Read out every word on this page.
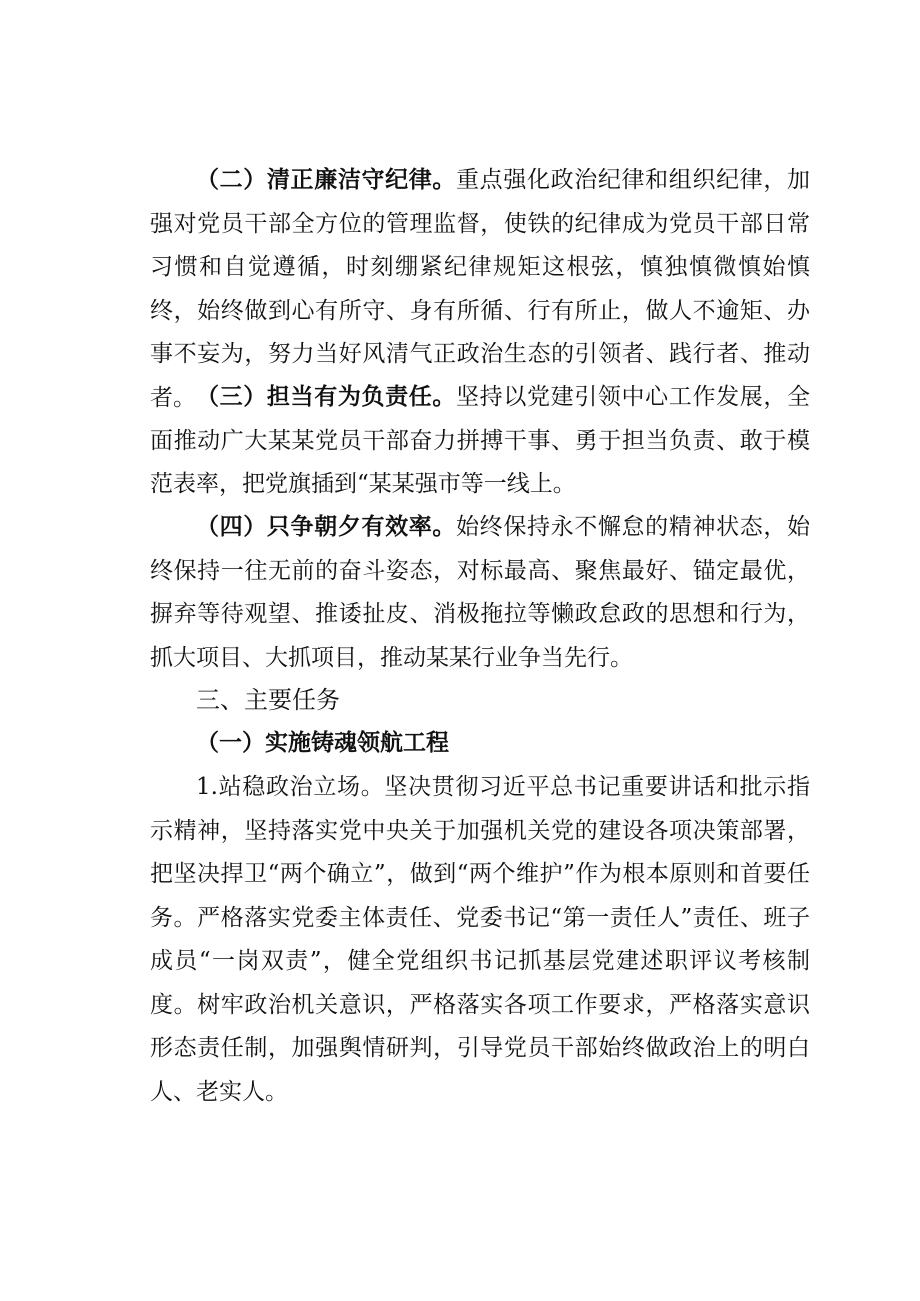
（二）清正廉洁守纪律。重点强化政治纪律和组织纪律，加强对党员干部全方位的管理监督，使铁的纪律成为党员干部日常习惯和自觉遵循，时刻绷紧纪律规矩这根弦，慎独慎微慎始慎终，始终做到心有所守、身有所循、行有所止，做人不逾矩、办事不妄为，努力当好风清气正政治生态的引领者、践行者、推动者。 （三）担当有为负责任。坚持以党建引领中心工作发展，全面推动广大某某党员干部奋力拼搏干事、勇于担当负责、敢于模范表率，把党旗插到“某某强市等一线上。

（四）只争朝夕有效率。始终保持永不懈怠的精神状态，始终保持一往无前的奋斗姿态，对标最高、聚焦最好、锚定最优，摒弃等待观望、推诿扯皮、消极拖拉等懒政怠政的思想和行为，抓大项目、大抓项目，推动某某行业争当先行。

三、主要任务
（一）实施铸魂领航工程

1.站稳政治立场。坚决贯彻习近平总书记重要讲话和批示指示精神，坚持落实党中央关于加强机关党的建设各项决策部署，把坚决捍卫“两个确立”，做到“两个维护”作为根本原则和首要任务。严格落实党委主体责任、党委书记“第一责任人”责任、班子成员“一岗双责”，健全党组织书记抓基层党建述职评议考核制度。树牢政治机关意识，严格落实各项工作要求，严格落实意识形态责任制，加强舆情研判，引导党员干部始终做政治上的明白人、老实人。
